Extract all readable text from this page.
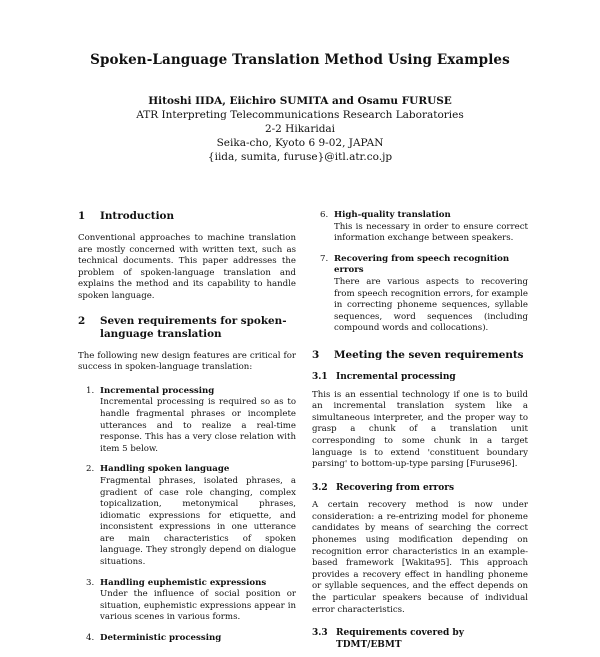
Spoken-Language Translation Method Using Examples
Hitoshi IIDA, Eiichiro SUMITA and Osamu FURUSE
ATR Interpreting Telecommunications Research Laboratories
2-2 Hikaridai
Seika-cho, Kyoto 6 9-02, JAPAN
{iida, sumita, furuse}@itl.atr.co.jp
1	Introduction

Conventional approaches to machine translation are mostly concerned with written text, such as technical documents. This paper addresses the problem of spoken-language translation and explains the method and its capability to handle spoken language.

2	Seven requirements for spoken-language translation

The following new design features are critical for success in spoken-language translation:

1. Incremental processing
Incremental processing is required so as to handle fragmental phrases or incomplete utterances and to realize a real-time response. This has a very close relation with item 5 below.
2. Handling spoken language
Fragmental phrases, isolated phrases, a gradient of case role changing, complex topicalization, metonymical phrases, idiomatic expressions for etiquette, and inconsistent expressions in one utterance are main characteristics of spoken language. They strongly depend on dialogue situations.
3. Handling euphemistic expressions
Under the influence of social position or situation, euphemistic expressions appear in various scenes in various forms.
4. Deterministic processing
6. High-quality translation
This is necessary in order to ensure correct information exchange between speakers.
7. Recovering from speech recognition errors
There are various aspects to recovering from speech recognition errors, for example in correcting phoneme sequences, syllable sequences, word sequences (including compound words and collocations).
3	Meeting the seven requirements
3.1 Incremental processing

This is an essential technology if one is to build an incremental translation system like a simultaneous interpreter, and the proper way to grasp a chunk of a translation unit corresponding to some chunk in a target language is to extend 'constituent boundary parsing' to bottom-up-type parsing [Furuse96].

3.2 Recovering from errors

A certain recovery method is now under consideration: a re-entrizing model for phoneme candidates by means of searching the correct phonemes using modification depending on recognition error characteristics in an example-based framework [Wakita95]. This approach provides a recovery effect in handling phoneme or syllable sequences, and the effect depends on the particular speakers because of individual error characteristics.

3.3 Requirements covered by TDMT/EBMT
